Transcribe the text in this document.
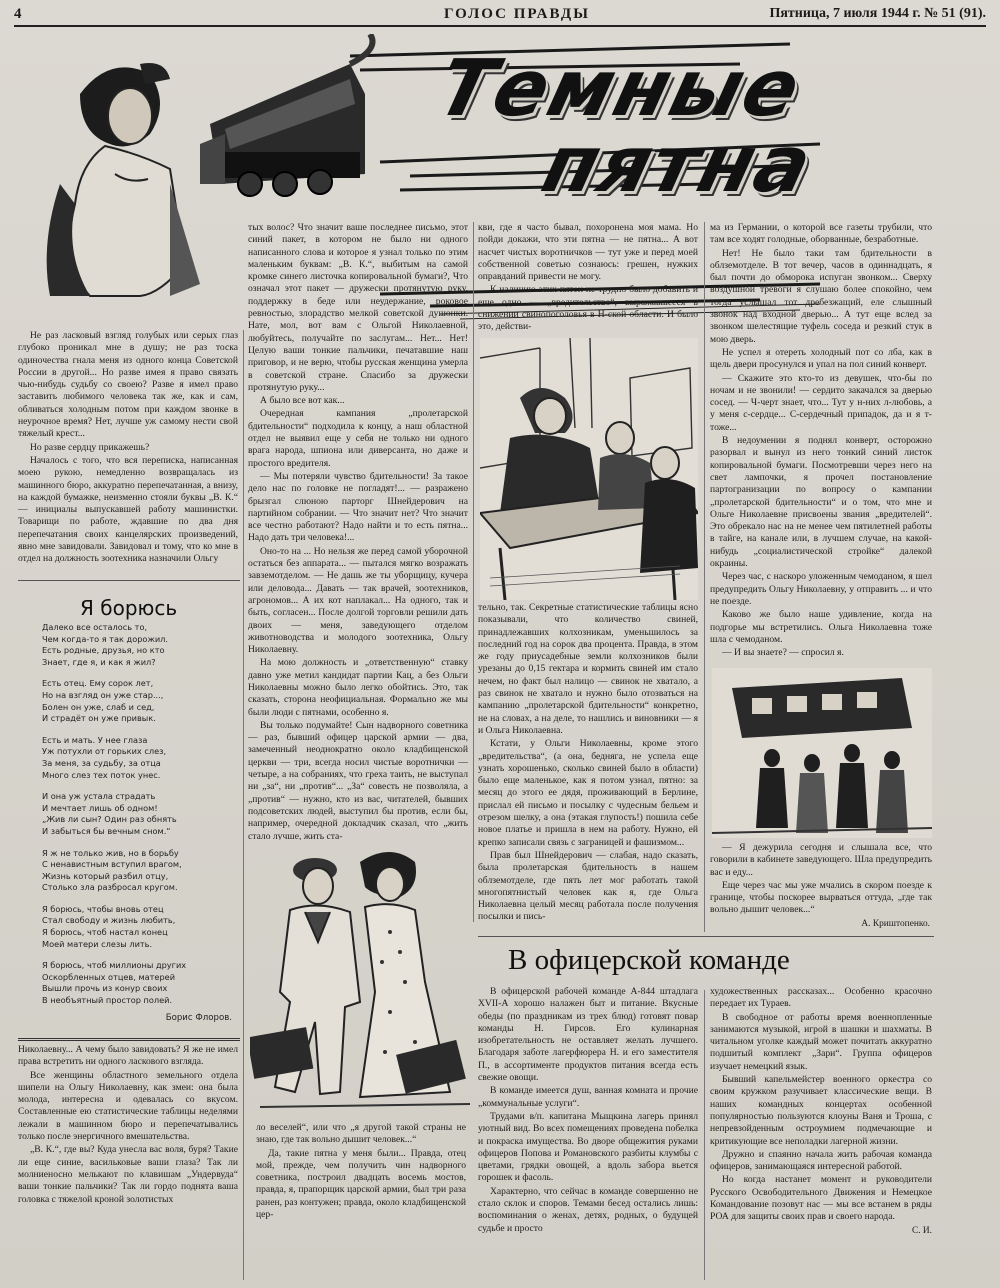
4	ГОЛОС ПРАВДЫ	Пятница, 7 июля 1944 г. № 51 (91).
Темные
пятна

Не раз ласковый взгляд голубых или серых глаз глубоко проникал мне в душу; не раз тоска одиночества гнала меня из одного конца Советской России в другой... Но разве имея я право связать чью-нибудь судьбу со своею? Разве я имел право заставить любимого человека так же, как и сам, обливаться холодным потом при каждом звонке в неурочное время? Нет, лучше уж самому нести свой тяжелый крест...

Но разве сердцу прикажешь?

Началось с того, что вся переписка, написанная моею рукою, немедленно возвращалась из машинного бюро, аккуратно перепечатанная, а внизу, на каждой бумажке, неизменно стояли буквы „В. К.“ — инициалы выпускавшей работу машинистки. Товарищи по работе, ждавшие по два дня перепечатания своих канцелярских произведений, явно мне завидовали. Завидовал и тому, что ко мне в отдел на должность зоотехника назначили Ольгу

Я борюсь
Далеко все осталось то,
Чем когда-то я так дорожил.
Есть родные, друзья, но кто
Знает, где я, и как я жил?
Есть отец. Ему сорок лет,
Но на взгляд он уже стар...,
Болен он уже, слаб и сед,
И страдёт он уже привык.
Есть и мать. У нее глаза
Уж потухли от горьких слез,
За меня, за судьбу, за отца
Много слез тех поток унес.
И она уж устала страдать
И мечтает лишь об одном!
„Жив ли сын? Один раз обнять
И забыться бы вечным сном.“
Я ж не только жив, но в борьбу
С ненавистным вступил врагом,
Жизнь который разбил отцу,
Столько зла разбросал кругом.
Я борюсь, чтобы вновь отец
Стал свободу и жизнь любить,
Я борюсь, чтоб настал конец
Моей матери слезы лить.
Я борюсь, чтоб миллионы других
Оскорбленных отцев, матерей
Вышли прочь из конур своих
В необъятный простор полей.
Борис Флоров.

Николаевну... А чему было завидовать? Я же не имел права встретить ни одного ласкового взгляда.

Все женщины областного земельного отдела шипели на Ольгу Николаевну, как змеи: она была молода, интересна и одевалась со вкусом. Составленные ею статистические таблицы неделями лежали в машинном бюро и перепечатывались только после энергичного вмешательства.

„В. К.“, где вы? Куда унесла вас воля, буря? Такие ли еще синие, васильковые ваши глаза? Так ли молниеносно мелькают по клавишам „Ундервуда“ ваши тонкие пальчики? Так ли гордо поднята ваша головка с тяжелой кроной золотистых

тых волос? Что значит ваше последнее письмо, этот синий пакет, в котором не было ни одного написанного слова и которое я узнал только по этим маленьким буквам: „В. К.“, выбитым на самой кромке синего листочка копировальной бумаги?, Что означал этот пакет — дружески протянутую руку, поддержку в беде или неудержание, роковое ревностью, злорадство мелкой советской душонки. Нате, мол, вот вам с Ольгой Николаевной, любуйтесь, получайте по заслугам... Нет... Нет! Целую ваши тонкие пальчики, печатавшие наш приговор, и не верю, чтобы русская женщина умерла в советской стране. Спасибо за дружески протянутую руку...

А было все вот как...

Очередная кампания „пролетарской бдительности“ подходила к концу, а наш областной отдел не выявил еще у себя не только ни одного врага народа, шпиона или диверсанта, но даже и простого вредителя.

— Мы потеряли чувство бдительности! За такое дело нас по головке не погладят!... — разражено брызгал слюною парторг Шнейдерович на партийном собрании. — Что значит нет? Что значит все честно работают? Надо найти и то есть пятна... Надо дать три человека!...

Оно-то на ... Но нельзя же перед самой уборочной остаться без аппарата... — пытался мягко возражать завземотделом. — Не дашь же ты уборщицу, кучера или деловода... Давать — так врачей, зоотехников, агрономов... А их кот наплакал... На одного, так и быть, согласен... После долгой торговли решили дать двоих — меня, заведующего отделом животноводства и молодого зоотехника, Ольгу Николаевну.

На мою должность и „ответственную“ ставку давно уже метил кандидат партии Кац, а без Ольги Николаевны можно было легко обойтись. Это, так сказать, сторона неофициальная. Формально же мы были люди с пятнами, особенно я.

Вы только подумайте! Сын надворного советника — раз, бывший офицер царской армии — два, замеченный неоднократно около кладбищенской церкви — три, всегда носил чистые воротнички — четыре, а на собраниях, что греха таить, не выступал ни „за“, ни „против“... „За“ совесть не позволяла, а „против“ — нужно, кто из вас, читателей, бывших подсоветских людей, выступил бы против, если бы, например, очередной докладчик сказал, что „жить стало лучше, жить ста-

ло веселей“, или что „я другой такой страны не знаю, где так вольно дышит человек...“

Да, такие пятна у меня были... Правда, отец мой, прежде, чем получить чин надворного советника, построил двадцать восемь мостов, правда, я, прапорщик царской армии, был три раза ранен, раз контужен; правда, около кладбищенской цер-

кви, где я часто бывал, похоронена моя мама. Но пойди докажи, что эти пятна — не пятна... А вот насчет чистых воротничков — тут уже и перед моей собственной советью сознаюсь: грешен, нужких оправданий привести не могу.

К наличию этих пятен не трудно было добавить и еще одно — „вредительство“, выражавшееся в снижении свинопоголовья в Н-ской области. И было это, действи-

тельно, так. Секретные статистические таблицы ясно показывали, что количество свиней, принадлежавших колхозникам, уменьшилось за последний год на сорок два процента. Правда, в этом же году приусадебные земли колхозников были урезаны до 0,15 гектара и кормить свиней им стало нечем, но факт был налицо — свинок не хватало, а раз свинок не хватало и нужно было отозваться на кампанию „пролетарской бдительности“ конкретно, не на словах, а на деле, то нашлись и виновники — я и Ольга Николаевна.

Кстати, у Ольги Николаевны, кроме этого „вредительства“, (а она, бедняга, не успела еще узнать хорошенько, сколько свиней было в области) было еще маленькое, как я потом узнал, пятно: за месяц до этого ее дядя, проживающий в Берлине, прислал ей письмо и посылку с чудесным бельем и отрезом шелку, а она (этакая глупость!) пошила себе новое платье и пришла в нем на работу. Нужно, ей крепко записали связь с заграницей и фашизмом...

Прав был Шнейдерович — слабая, надо сказать, была пролетарская бдительность в нашем облземотделе, где пять лет мог работать такой многопятнистый человек как я, где Ольга Николаевна целый месяц работала после получения посылки и пись-

ма из Германии, о которой все газеты трубили, что там все ходят голодные, оборванные, безработные.

Нет! Не было таки там бдительности в облземотделе. В тот вечер, часов в одиннадцать, я был почти до обморока испуган звонком... Сверху воздушной тревоги я слушаю более спокойно, чем тогда услышал тот дребезжащий, еле слышный звонок над входной дверью... А тут еще вслед за звонком шелестящие туфель соседа и резкий стук в мою дверь.

Не успел я отереть холодный пот со лба, как в щель двери просунулся и упал на пол синий конверт.

— Скажите это кто-то из девушек, что-бы по ночам и не звонили! — сердито закачался за дверью сосед. — Ч-черт знает, что... Тут у н-них л-любовь, а у меня с-сердце... С-сердечный припадок, да и я т-тоже...

В недоумении я поднял конверт, осторожно разорвал и вынул из него тонкий синий листок копировальной бумаги. Посмотревши через него на свет лампочки, я прочел постановление партогранизации по вопросу о кампании „пролетарской бдительности“ и о том, что мне и Ольге Николаевне присвоены звания „вредителей“. Это обрекало нас на не менее чем пятилетней работы в тайге, на канале или, в лучшем случае, на какой-нибудь „социалистической стройке“ далекой окраины.

Через час, с наскоро уложенным чемоданом, я шел предупредить Ольгу Николаевну, у отправить ... и что не поезде.

Каково же было наше удивление, когда на подгорье мы встретились. Ольга Николаевна тоже шла с чемоданом.

— И вы знаете? — спросил я.

— Я дежурила сегодня и слышала все, что говорили в кабинете заведующего. Шла предупредить вас и еду...

Еще через час мы уже мчались в скором поезде к границе, чтобы поскорее вырваться оттуда, „где так вольно дышит человек...“

А. Криштопенко.
В офицерской команде

В офицерской рабочей команде А-844 штадлага XVII-А хорошо налажен быт и питание. Вкусные обеды (по праздникам из трех блюд) готовят повар команды Н. Гирсов. Его кулинарная изобретательность не оставляет желать лучшего. Благодаря заботе лагерфюрера Н. и его заместителя П., в ассортименте продуктов питания всегда есть свежие овощи.

В команде имеется душ, ванная комната и прочие „коммунальные услуги“.

Трудами в/п. капитана Мыщкина лагерь принял уютный вид. Во всех помещениях проведена побелка и покраска имущества. Во дворе общежития руками офицеров Попова и Романовского разбиты клумбы с цветами, грядки овощей, а вдоль забора вьется горошек и фасоль.

Характерно, что сейчас в команде совершенно не стало склок и споров. Темами бесед остались лишь: воспоминания о женах, детях, родных, о будущей судьбе и просто

художественных рассказах... Особенно красочно передает их Тураев.

В свободное от работы время военнопленные занимаются музыкой, игрой в шашки и шахматы. В читальном уголке каждый может почитать аккуратно подшитый комплект „Зари“. Группа офицеров изучает немецкий язык.

Бывший капельмейстер военного оркестра со своим кружком разучивает классические вещи. В наших командных концертах особенной популярностью пользуются клоуны Ваня и Троша, с непревзойденным остроумием подмечающие и критикующие все неполадки лагерной жизни.

Дружно и спаянно начала жить рабочая команда офицеров, занимающаяся интересной работой.

Но когда настанет момент и руководители Русского Освободительного Движения и Немецкое Командование позовут нас — мы все встанем в ряды РОА для защиты своих прав и своего народа.

С. И.
